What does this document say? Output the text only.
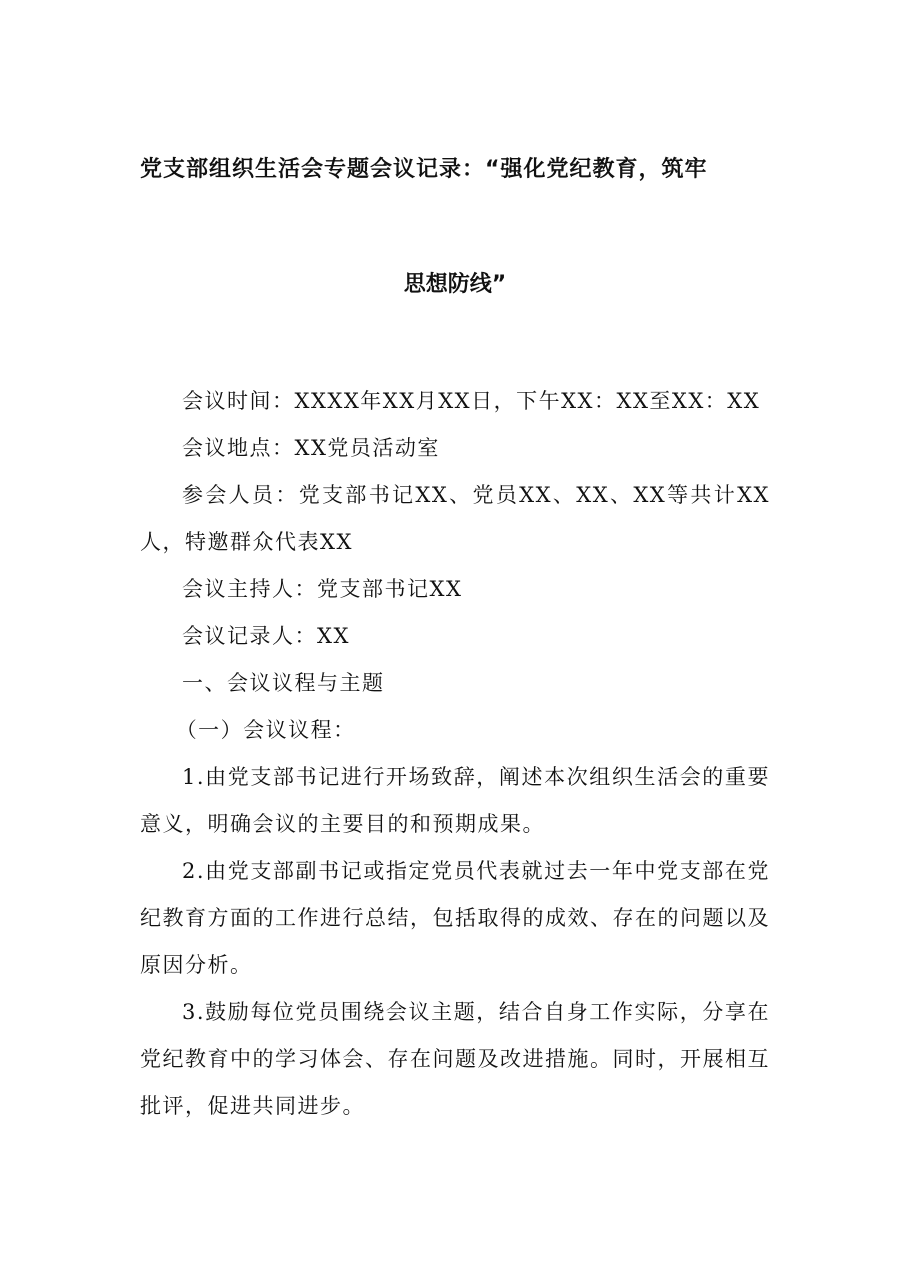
党支部组织生活会专题会议记录：“强化党纪教育，筑牢
思想防线”

会议时间：XXXX年XX月XX日，下午XX：XX至XX：XX

会议地点：XX党员活动室

参会人员：党支部书记XX、党员XX、XX、XX等共计XX人，特邀群众代表XX

会议主持人：党支部书记XX

会议记录人：XX

一、会议议程与主题

（一）会议议程：

1.由党支部书记进行开场致辞，阐述本次组织生活会的重要意义，明确会议的主要目的和预期成果。

2.由党支部副书记或指定党员代表就过去一年中党支部在党纪教育方面的工作进行总结，包括取得的成效、存在的问题以及原因分析。

3.鼓励每位党员围绕会议主题，结合自身工作实际，分享在党纪教育中的学习体会、存在问题及改进措施。同时，开展相互批评，促进共同进步。
